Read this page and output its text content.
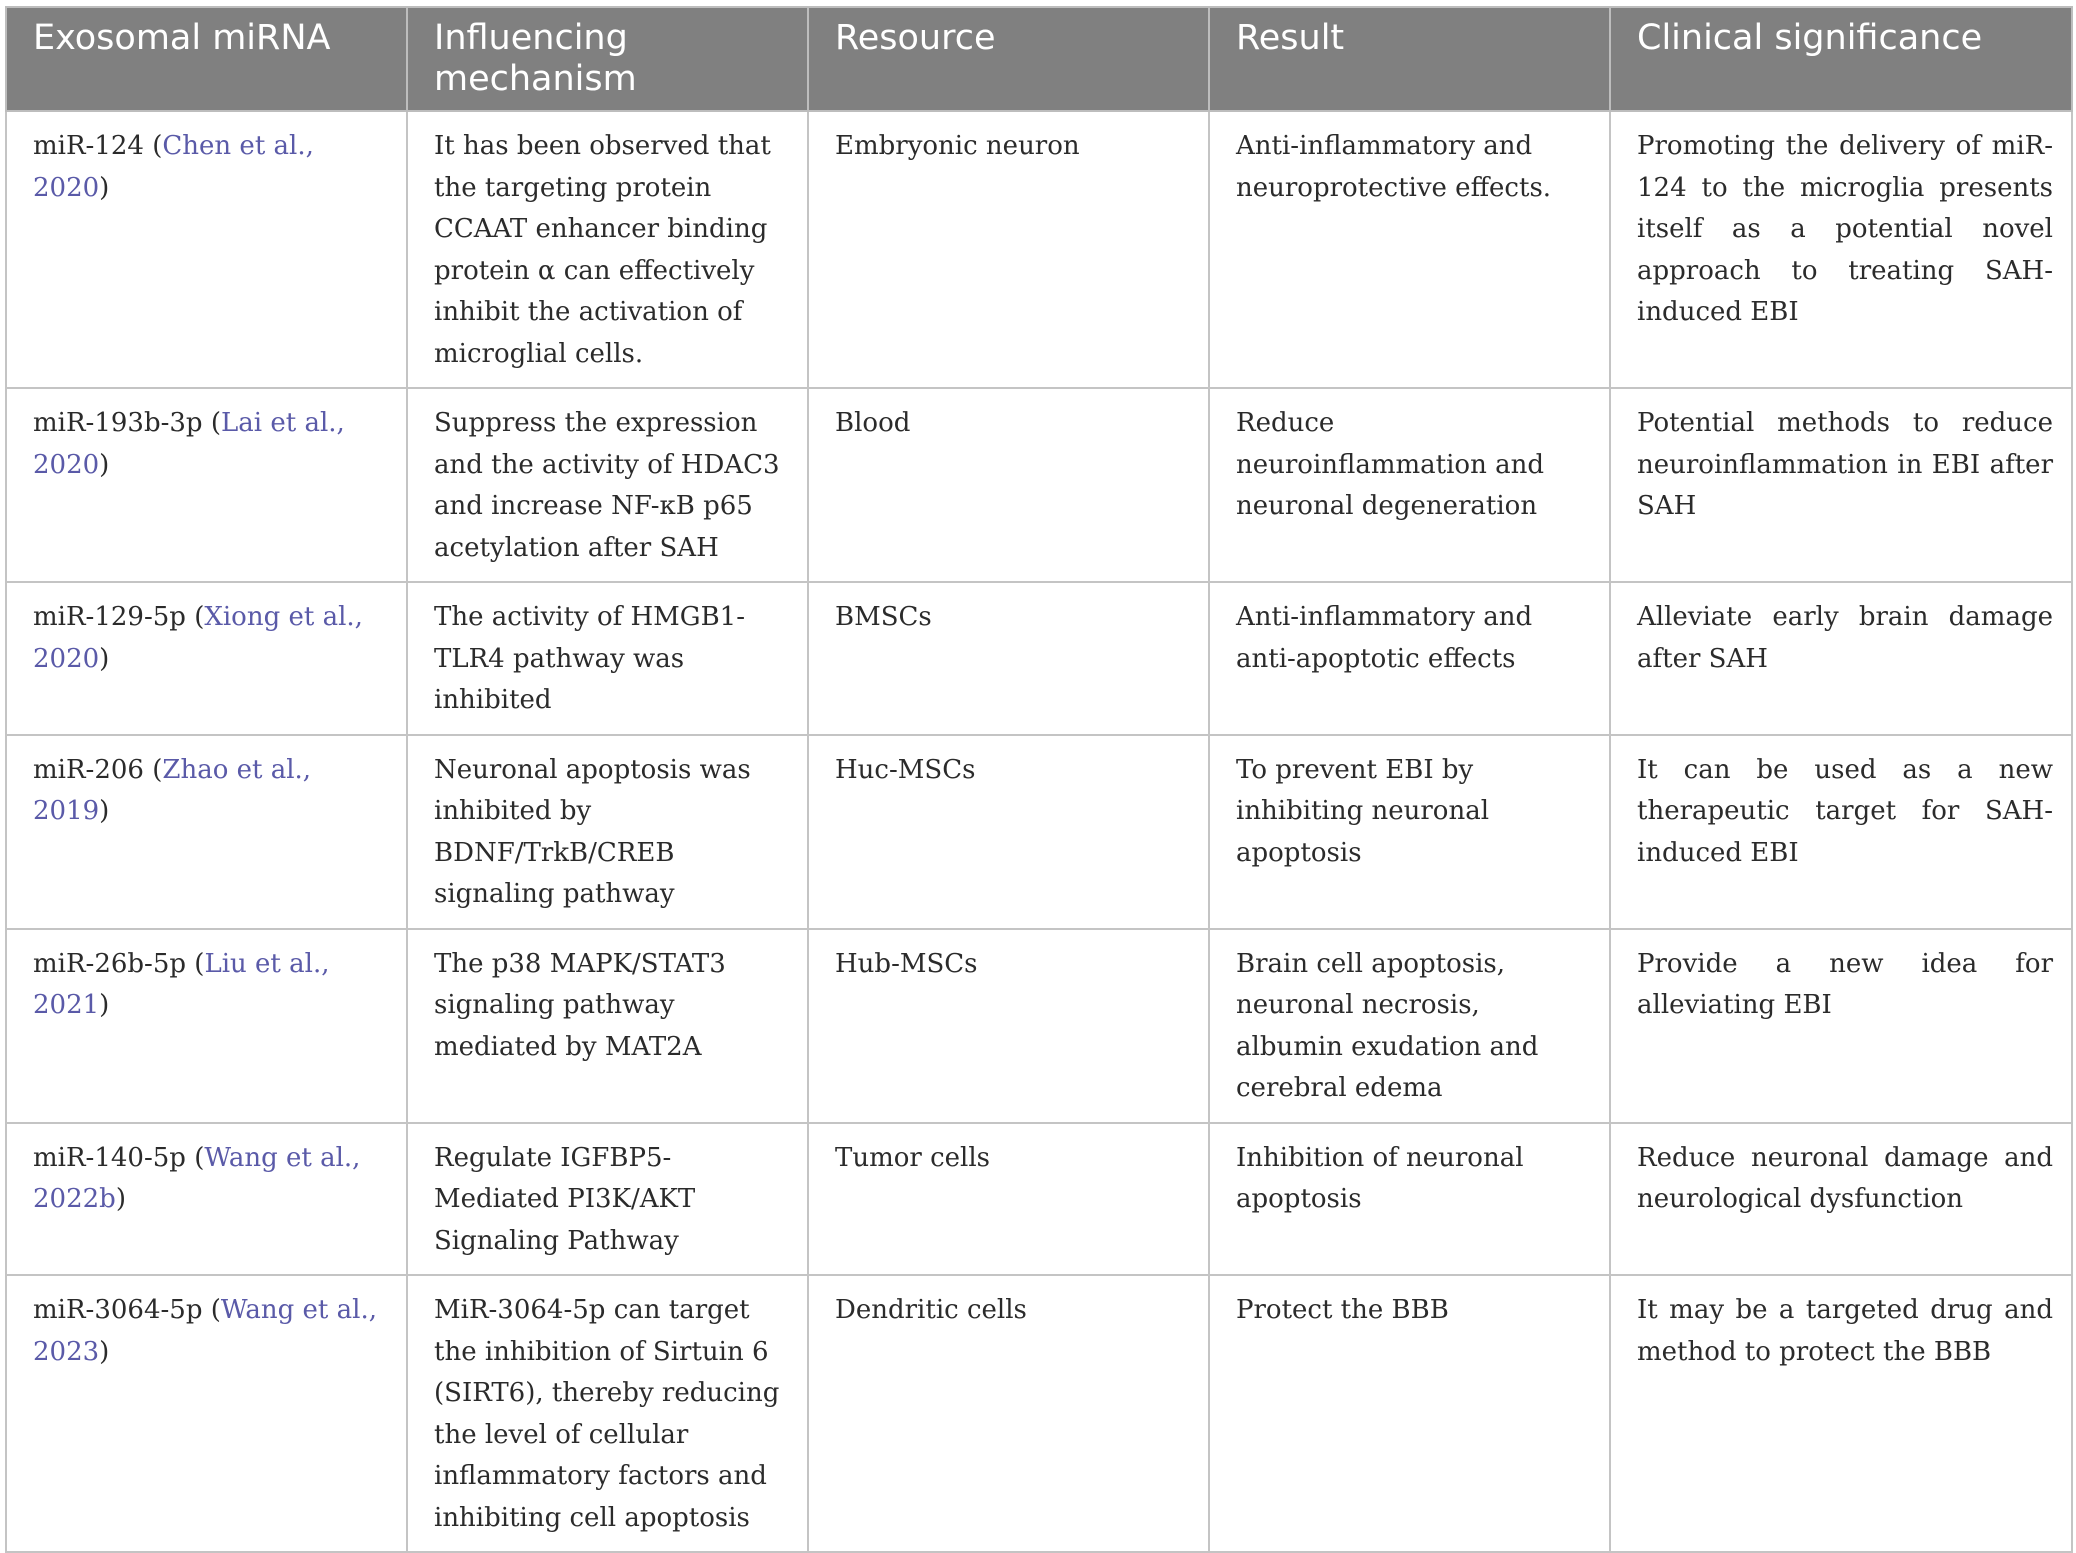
Exosomal miRNA	Influencing mechanism	Resource	Result	Clinical significance
miR-124 (Chen et al., 2020)	It has been observed that the targeting protein CCAAT enhancer binding protein α can effectively inhibit the activation of microglial cells.	Embryonic neuron	Anti-inflammatory and neuroprotective effects.	Promoting the delivery of miR-124 to the microglia presents itself as a potential novel approach to treating SAH-induced EBI
miR-193b-3p (Lai et al., 2020)	Suppress the expression and the activity of HDAC3 and increase NF-κB p65 acetylation after SAH	Blood	Reduce neuroinflammation and neuronal degeneration	Potential methods to reduce neuroinflammation in EBI after SAH
miR-129-5p (Xiong et al., 2020)	The activity of HMGB1-TLR4 pathway was inhibited	BMSCs	Anti-inflammatory and anti-apoptotic effects	Alleviate early brain damage after SAH
miR-206 (Zhao et al., 2019)	Neuronal apoptosis was inhibited by BDNF/TrkB/CREB signaling pathway	Huc-MSCs	To prevent EBI by inhibiting neuronal apoptosis	It can be used as a new therapeutic target for SAH-induced EBI
miR-26b-5p (Liu et al., 2021)	The p38 MAPK/STAT3 signaling pathway mediated by MAT2A	Hub-MSCs	Brain cell apoptosis, neuronal necrosis, albumin exudation and cerebral edema	Provide a new idea for alleviating EBI
miR-140-5p (Wang et al., 2022b)	Regulate IGFBP5-Mediated PI3K/AKT Signaling Pathway	Tumor cells	Inhibition of neuronal apoptosis	Reduce neuronal damage and neurological dysfunction
miR-3064-5p (Wang et al., 2023)	MiR-3064-5p can target the inhibition of Sirtuin 6 (SIRT6), thereby reducing the level of cellular inflammatory factors and inhibiting cell apoptosis	Dendritic cells	Protect the BBB	It may be a targeted drug and method to protect the BBB
